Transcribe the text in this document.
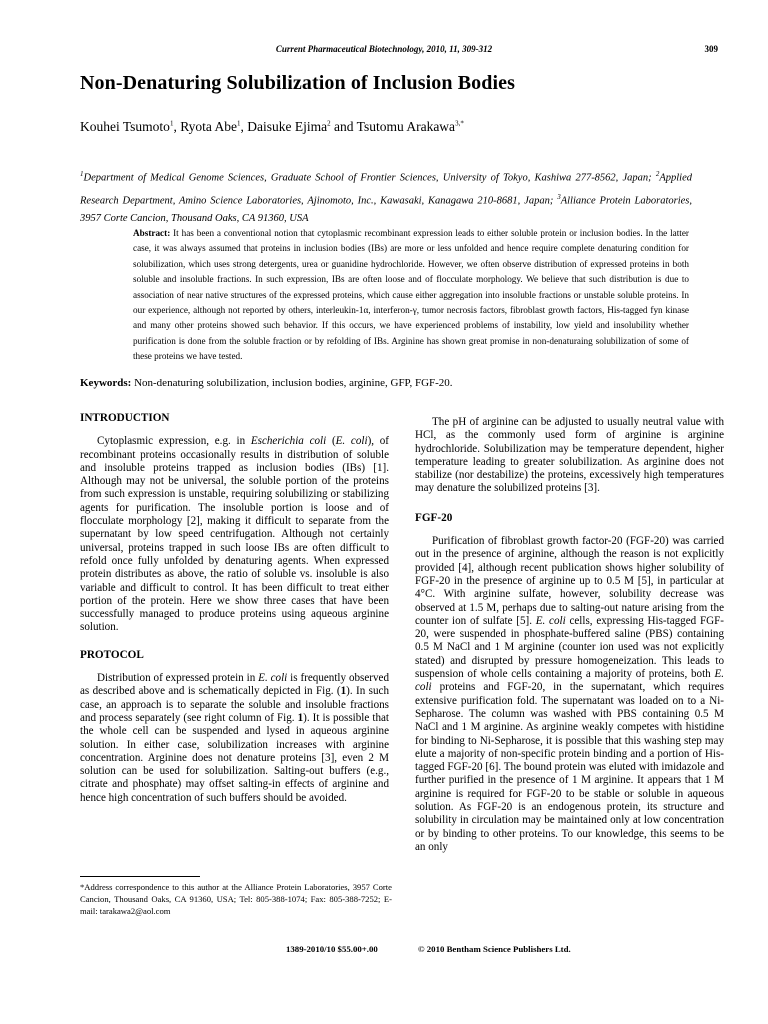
Current Pharmaceutical Biotechnology, 2010, 11, 309-312	309
Non-Denaturing Solubilization of Inclusion Bodies
Kouhei Tsumoto$^1$, Ryota Abe$^1$, Daisuke Ejima$^2$ and Tsutomu Arakawa$^{3,*}$
$^1$Department of Medical Genome Sciences, Graduate School of Frontier Sciences, University of Tokyo, Kashiwa 277-8562, Japan; $^2$Applied Research Department, Amino Science Laboratories, Ajinomoto, Inc., Kawasaki, Kanagawa 210-8681, Japan; $^3$Alliance Protein Laboratories, 3957 Corte Cancion, Thousand Oaks, CA 91360, USA
Abstract: It has been a conventional notion that cytoplasmic recombinant expression leads to either soluble protein or inclusion bodies. In the latter case, it was always assumed that proteins in inclusion bodies (IBs) are more or less unfolded and hence require complete denaturing condition for solubilization, which uses strong detergents, urea or guanidine hydrochloride. However, we often observe distribution of expressed proteins in both soluble and insoluble fractions. In such expression, IBs are often loose and of flocculate morphology. We believe that such distribution is due to association of near native structures of the expressed proteins, which cause either aggregation into insoluble fractions or unstable soluble proteins. In our experience, although not reported by others, interleukin-1α, interferon-γ, tumor necrosis factors, fibroblast growth factors, His-tagged fyn kinase and many other proteins showed such behavior. If this occurs, we have experienced problems of instability, low yield and insolubility whether purification is done from the soluble fraction or by refolding of IBs. Arginine has shown great promise in non-denaturaing solubilization of some of these proteins we have tested.
Keywords: Non-denaturing solubilization, inclusion bodies, arginine, GFP, FGF-20.
INTRODUCTION

Cytoplasmic expression, e.g. in Escherichia coli (E. coli), of recombinant proteins occasionally results in distribution of soluble and insoluble proteins trapped as inclusion bodies (IBs) [1]. Although may not be universal, the soluble portion of the proteins from such expression is unstable, requiring solubilizing or stabilizing agents for purification. The insoluble portion is loose and of flocculate morphology [2], making it difficult to separate from the supernatant by low speed centrifugation. Although not certainly universal, proteins trapped in such loose IBs are often difficult to refold once fully unfolded by denaturing agents. When expressed protein distributes as above, the ratio of soluble vs. insoluble is also variable and difficult to control. It has been difficult to treat either portion of the protein. Here we show three cases that have been successfully managed to produce proteins using aqueous arginine solution.

PROTOCOL

Distribution of expressed protein in E. coli is frequently observed as described above and is schematically depicted in Fig. (1). In such case, an approach is to separate the soluble and insoluble fractions and process separately (see right column of Fig. 1). It is possible that the whole cell can be suspended and lysed in aqueous arginine solution. In either case, solubilization increases with arginine concentration. Arginine does not denature proteins [3], even 2 M solution can be used for solubilization. Salting-out buffers (e.g., citrate and phosphate) may offset salting-in effects of arginine and hence high concentration of such buffers should be avoided.

The pH of arginine can be adjusted to usually neutral value with HCl, as the commonly used form of arginine is arginine hydrochloride. Solubilization may be temperature dependent, higher temperature leading to greater solubilization. As arginine does not stabilize (nor destabilize) the proteins, excessively high temperatures may denature the solubilized proteins [3].

FGF-20

Purification of fibroblast growth factor-20 (FGF-20) was carried out in the presence of arginine, although the reason is not explicitly provided [4], although recent publication shows higher solubility of FGF-20 in the presence of arginine up to 0.5 M [5], in particular at 4°C. With arginine sulfate, however, solubility decrease was observed at 1.5 M, perhaps due to salting-out nature arising from the counter ion of sulfate [5]. E. coli cells, expressing His-tagged FGF-20, were suspended in phosphate-buffered saline (PBS) containing 0.5 M NaCl and 1 M arginine (counter ion used was not explicitly stated) and disrupted by pressure homogeneization. This leads to suspension of whole cells containing a majority of proteins, both E. coli proteins and FGF-20, in the supernatant, which requires extensive purification fold. The supernatant was loaded on to a Ni-Sepharose. The column was washed with PBS containing 0.5 M NaCl and 1 M arginine. As arginine weakly competes with histidine for binding to Ni-Sepharose, it is possible that this washing step may elute a majority of non-specific protein binding and a portion of His-tagged FGF-20 [6]. The bound protein was eluted with imidazole and further purified in the presence of 1 M arginine. It appears that 1 M arginine is required for FGF-20 to be stable or soluble in aqueous solution. As FGF-20 is an endogenous protein, its structure and solubility in circulation may be maintained only at low concentration or by binding to other proteins. To our knowledge, this seems to be an only

*Address correspondence to this author at the Alliance Protein Laboratories, 3957 Corte Cancion, Thousand Oaks, CA 91360, USA; Tel: 805-388-1074; Fax: 805-388-7252; E-mail: tarakawa2@aol.com
1389-2010/10 $55.00+.00	© 2010 Bentham Science Publishers Ltd.
